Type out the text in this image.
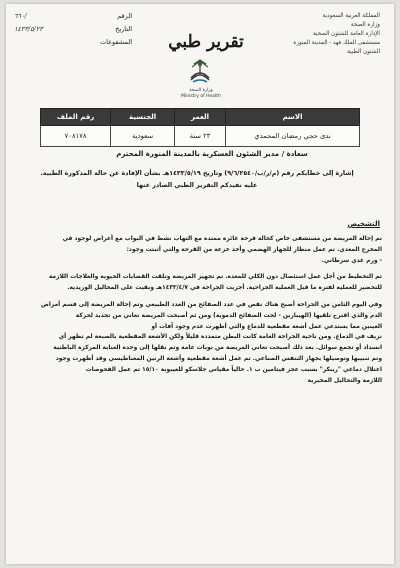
المملكة العربية السعودية
وزارة الصحة
الإدارة العامة للشئون الصحية
مستشفى الملك فهد - المدينة المنورة
الشئون الطبية
الرقم
٦٦٠/
التاريخ
١٤٣٣/٥/٢٣
المشفوعات	تقرير طبي
وزارة الصحة
Ministry of Health
الاسم	العمر	الجنسية	رقم الملف
ندى حجي رمضان المحمدي	٢٣ سنة	سعودية	٧٠٨١٧٨
سعادة / مدير الشئون العسكرية بالمدينة المنورة المحترم
إشارة إلى خطابكم رقم (م/ر/ب/٩/٦/٢٥٤٠) وتاريخ ١٤٣٣/٥/١٩هـ بشأن الإفادة عن حالة المذكورة الطبية.
عليه نفيدكم التقرير الطبي الصادر عنها
التشخيص
تم إحالة المريضة من مستشفى خاص كحالة قرحة غائرة ممتدة مع التهاب نشط في البواب مع أعراض لوجود في
المخرج المعدي. تم عمل منظار للجهاز الهضمي وأخذ خزعة من القرحة والتي أثبتت وجود:
- ورم غدي سرطاني.
تم التخطيط من أجل عمل استئصال دون الكلي للمعدة. تم تجهيز المريضة وتلقت القضايات الحيوية والعلاجات اللازمة
للتحضير للعملية لفترة ما قبل العملية الجراحية. أجريت الجراحة في ١٤٣٣/٤/٧هـ وبقيت على المحاليل الوريدية.
وفي اليوم الثامن من الجراحة أصبح هناك نقص في عدد الصفائح من العدد الطبيعي وتم إحالة المريضة إلى قسم أمراض
الدم والذي اقترح تلقيها (الهيبارين - لحث الصفائح الدموية) ومن ثم أصبحت المريضة تعاني من تحديد لحركة
العينين مما يستدعي عمل أشعة مقطعية للدماغ والتي أظهرت عدم وجود آفات أو
نزيف في الدماغ. ومن ناحية الجراحة العامة كانت البطن متمددة قليلاً ولكن الأشعة المقطعية بالصبغة لم تظهر أي
انسداد أو تجمع سوائل. بعد ذلك أصبحت تعاني المريضة من نوبات عامة وتم نقلها إلى وحدة العناية المركزة الباطنية
وتم تنبيبها وتوصيلها بجهاز التنفس الصناعي. تم عمل أشعة مقطعية وأشعة الرنين المغناطيسي وقد أظهرت وجود
اعتلال دماغي "رينكر" بسبب عجز فيتامين ب ١. حالياً مقياس جلاسكو للغيبوبة ١٥/١٠ تم عمل الفحوصات
اللازمة والتحاليل المخبرية
